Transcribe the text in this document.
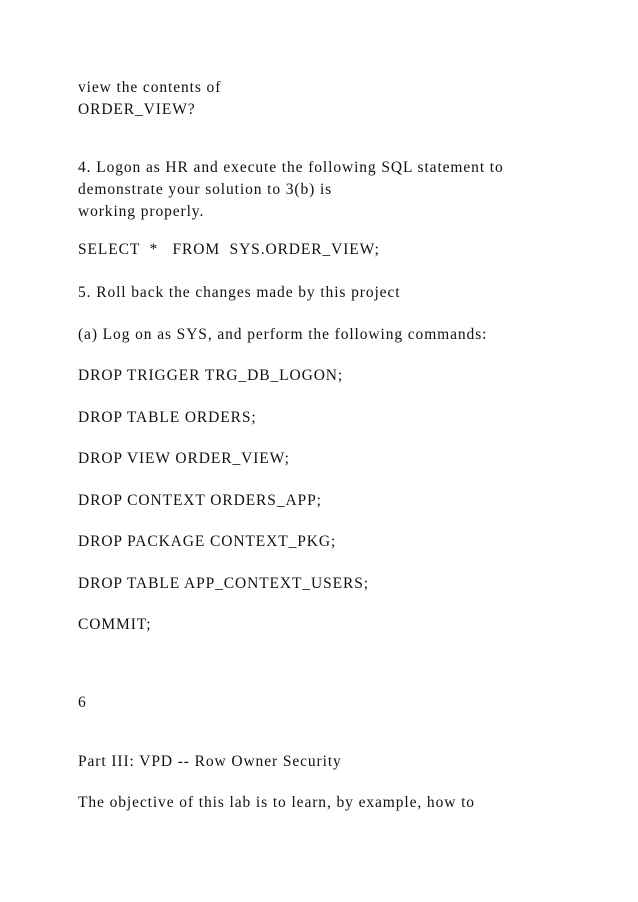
view the contents of
ORDER_VIEW?
4. Logon as HR and execute the following SQL statement to
demonstrate your solution to 3(b) is
working properly.
SELECT  *   FROM  SYS.ORDER_VIEW;
5. Roll back the changes made by this project
(a) Log on as SYS, and perform the following commands:
DROP TRIGGER TRG_DB_LOGON;
DROP TABLE ORDERS;
DROP VIEW ORDER_VIEW;
DROP CONTEXT ORDERS_APP;
DROP PACKAGE CONTEXT_PKG;
DROP TABLE APP_CONTEXT_USERS;
COMMIT;
6
Part III: VPD -- Row Owner Security
The objective of this lab is to learn, by example, how to
